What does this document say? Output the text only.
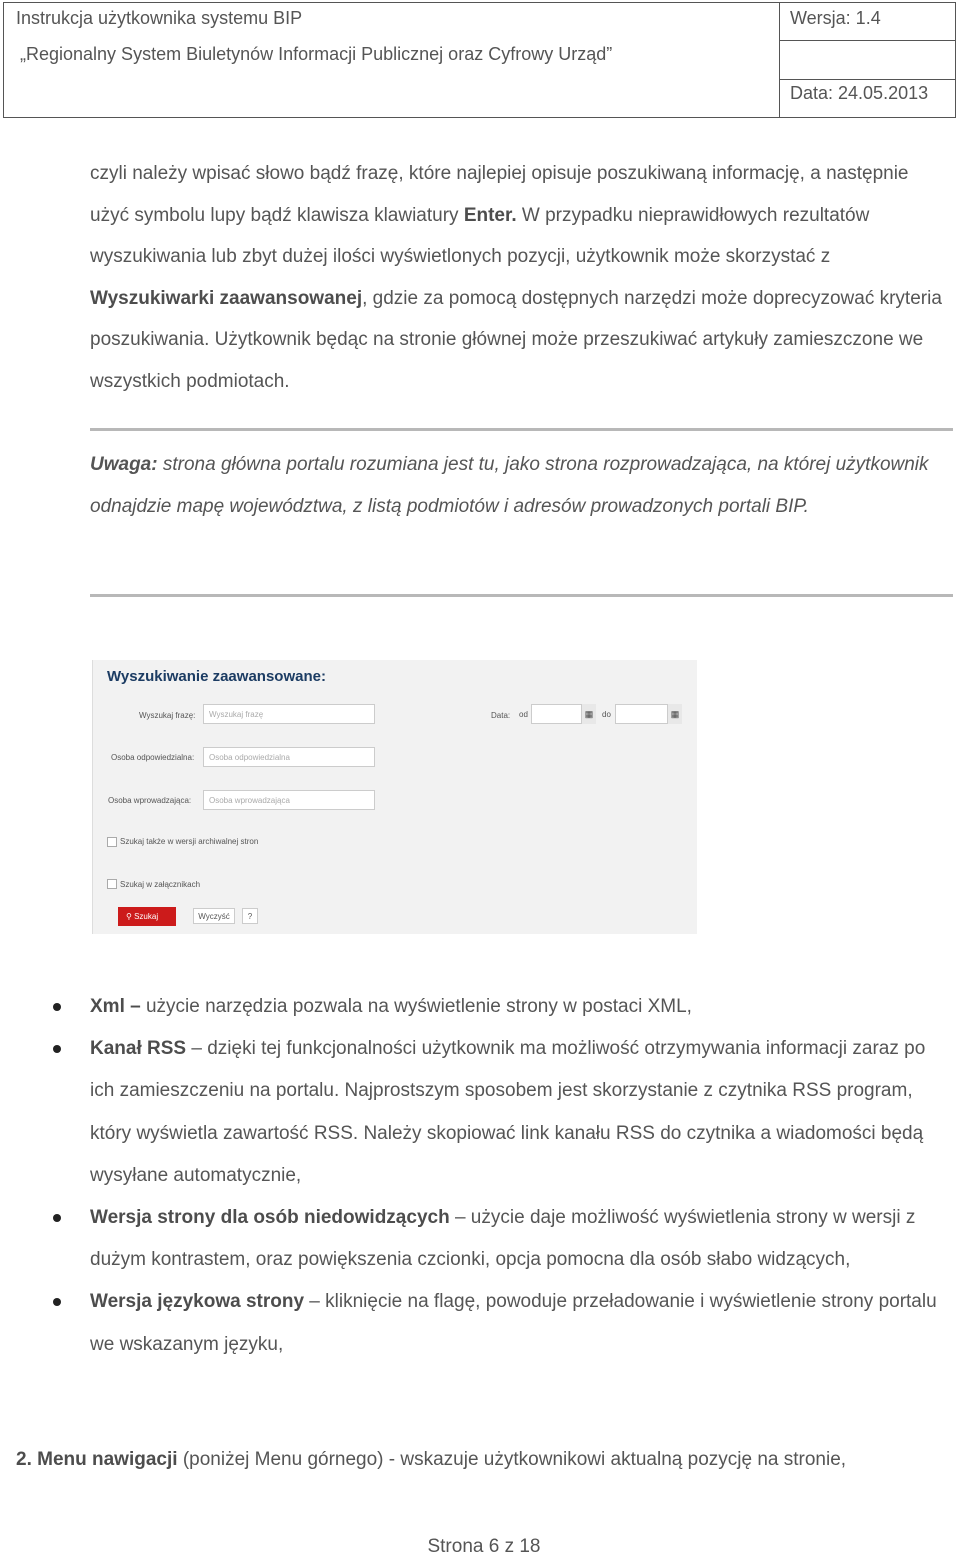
Instrukcja użytkownika systemu BIP
„Regionalny System Biuletynów Informacji Publicznej oraz Cyfrowy Urząd”
Wersja: 1.4
Data: 24.05.2013
czyli należy wpisać słowo bądź frazę, które najlepiej opisuje poszukiwaną informację, a następnie użyć symbolu lupy bądź klawisza klawiatury Enter. W przypadku nieprawidłowych rezultatów wyszukiwania lub zbyt dużej ilości wyświetlonych pozycji, użytkownik może skorzystać z Wyszukiwarki zaawansowanej, gdzie za pomocą dostępnych narzędzi może doprecyzować kryteria poszukiwania. Użytkownik będąc na stronie głównej może przeszukiwać artykuły zamieszczone we wszystkich podmiotach.
Uwaga: strona główna portalu rozumiana jest tu, jako strona rozprowadzająca, na której użytkownik odnajdzie mapę województwa, z listą podmiotów i adresów prowadzonych portali BIP.
Wyszukiwanie zaawansowane:
Wyszukaj frazę:	Wyszukaj frazę	Data: od	▦	do	▦
Osoba odpowiedzialna:	Osoba odpowiedzialna
Osoba wprowadzająca:	Osoba wprowadzająca
Szukaj także w wersji archiwalnej stron
Szukaj w załącznikach
⚲ Szukaj	Wyczyść	?
Xml – użycie narzędzia pozwala na wyświetlenie strony w postaci XML,
Kanał RSS – dzięki tej funkcjonalności użytkownik ma możliwość otrzymywania informacji zaraz po ich zamieszczeniu na portalu. Najprostszym sposobem jest skorzystanie z czytnika RSS program, który wyświetla zawartość RSS. Należy skopiować link kanału RSS do czytnika a wiadomości będą wysyłane automatycznie,
Wersja strony dla osób niedowidzących – użycie daje możliwość wyświetlenia strony w wersji z dużym kontrastem, oraz powiększenia czcionki, opcja pomocna dla osób słabo widzących,
Wersja językowa strony – kliknięcie na flagę, powoduje przeładowanie i wyświetlenie strony portalu we wskazanym języku,
2. Menu nawigacji (poniżej Menu górnego) - wskazuje użytkownikowi aktualną pozycję na stronie,
Strona 6 z 18
